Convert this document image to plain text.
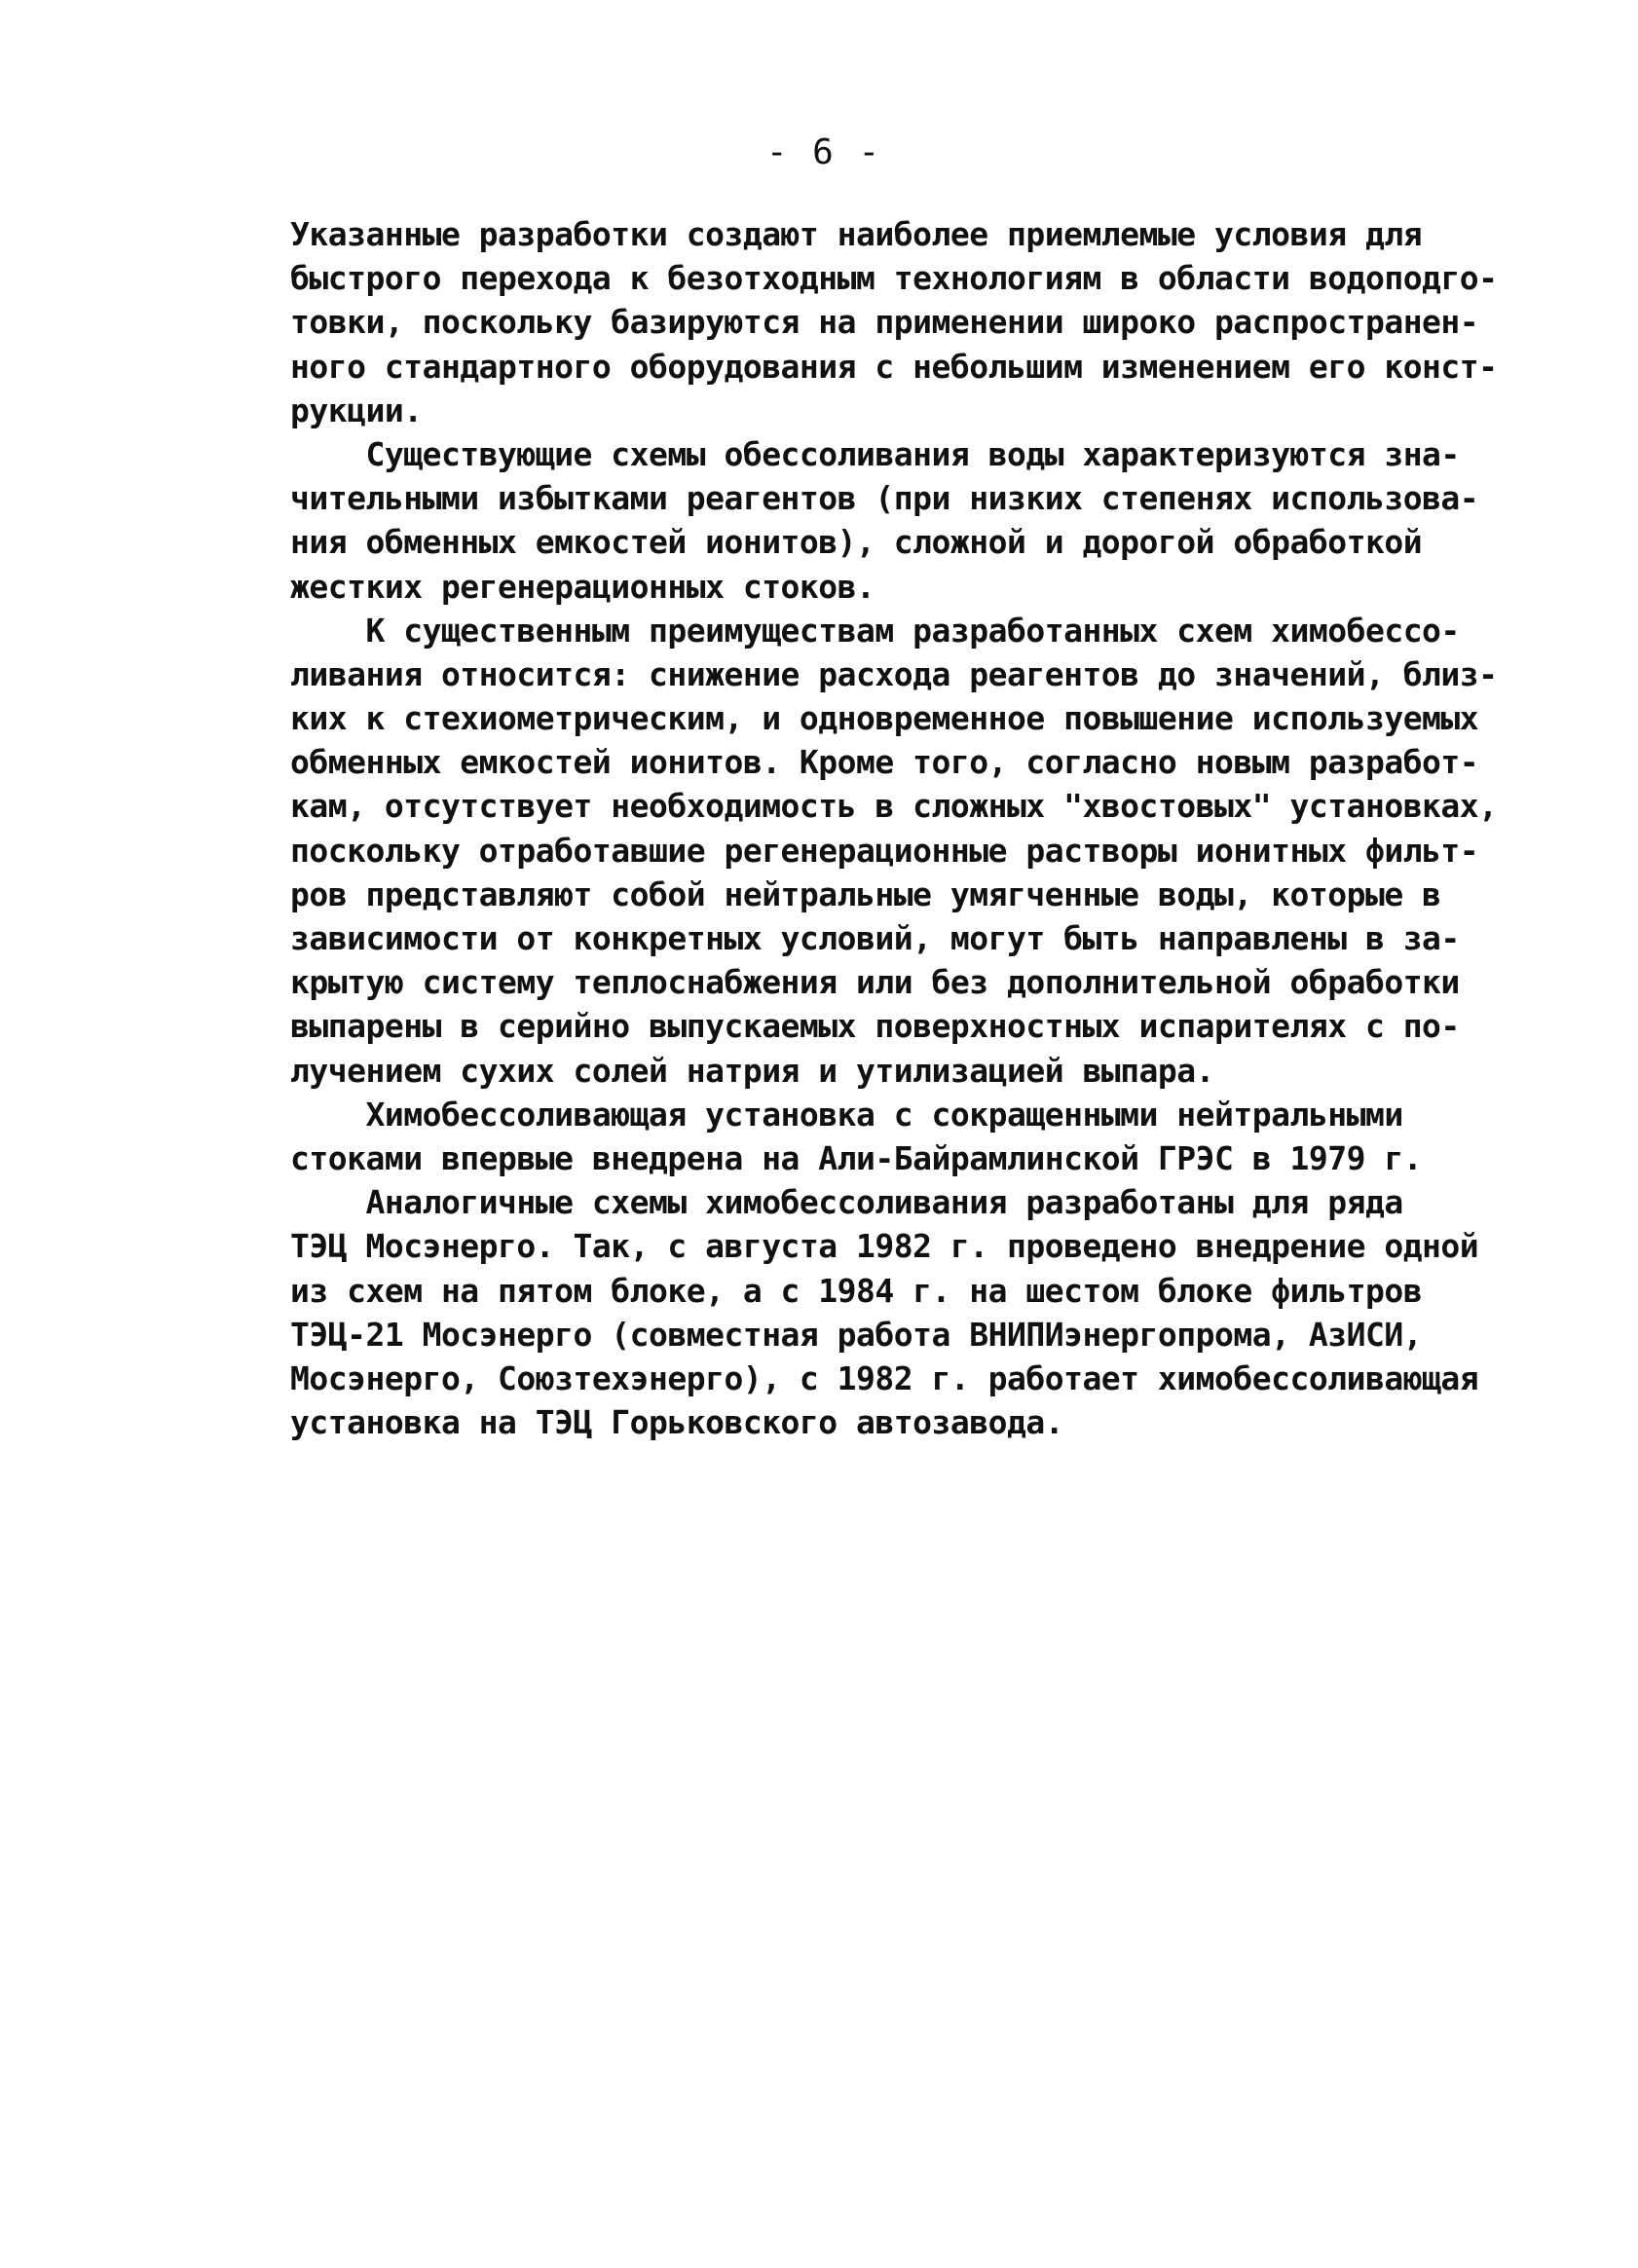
- 6 -
Указанные разработки создают наиболее приемлемые условия для
быстрого перехода к безотходным технологиям в области водоподго-
товки, поскольку базируются на применении широко распространен-
ного стандартного оборудования с небольшим изменением его конст-
рукции.
Существующие схемы обессоливания воды характеризуются зна-
чительными избытками реагентов (при низких степенях использова-
ния обменных емкостей ионитов), сложной и дорогой обработкой
жестких регенерационных стоков.
К существенным преимуществам разработанных схем химобессо-
ливания относится: снижение расхода реагентов до значений, близ-
ких к стехиометрическим, и одновременное повышение используемых
обменных емкостей ионитов. Кроме того, согласно новым разработ-
кам, отсутствует необходимость в сложных "хвостовых" установках,
поскольку отработавшие регенерационные растворы ионитных фильт-
ров представляют собой нейтральные умягченные воды, которые в
зависимости от конкретных условий, могут быть направлены в за-
крытую систему теплоснабжения или без дополнительной обработки
выпарены в серийно выпускаемых поверхностных испарителях с по-
лучением сухих солей натрия и утилизацией выпара.
Химобессоливающая установка с сокращенными нейтральными
стоками впервые внедрена на Али-Байрамлинской ГРЭС в 1979 г.
Аналогичные схемы химобессоливания разработаны для ряда
ТЭЦ Мосэнерго. Так, с августа 1982 г. проведено внедрение одной
из схем на пятом блоке, а с 1984 г. на шестом блоке фильтров
ТЭЦ-21 Мосэнерго (совместная работа ВНИПИэнергопрома, АзИСИ,
Мосэнерго, Союзтехэнерго), с 1982 г. работает химобессоливающая
установка на ТЭЦ Горьковского автозавода.
